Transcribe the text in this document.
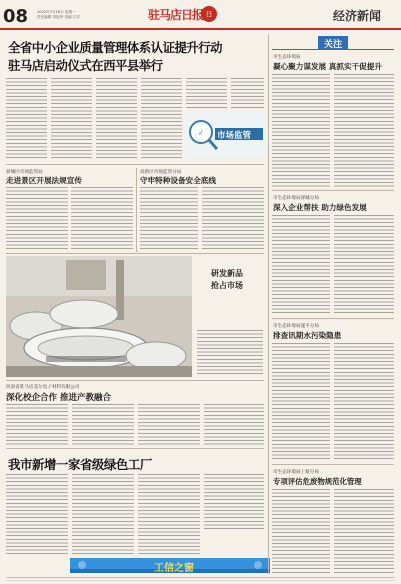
08 2022年7月18日 星期一
责任编辑 刘振华 美编 江洋	日
驻马店日报	经济新闻
全省中小企业质量管理体系认证提升行动
驻马店启动仪式在西平县举行
✓ 市场监管
驿城区市场监管局
走进景区开展法规宣传
高新区市场监管分局
守牢特种设备安全底线
研发新品
抢占市场
河南省驻马店美尔电子材料有限公司
深化校企合作 推进产教融合
我市新增一家省级绿色工厂
工信之窗
关注
市生态环境局
凝心聚力谋发展 真抓实干促提升
市生态环境局驿城分局
深入企业帮扶 助力绿色发展
市生态环境局遂平分局
排查讯期水污染隐患
市生态环境局上蔡分局
专项评估危废物规范化管理
